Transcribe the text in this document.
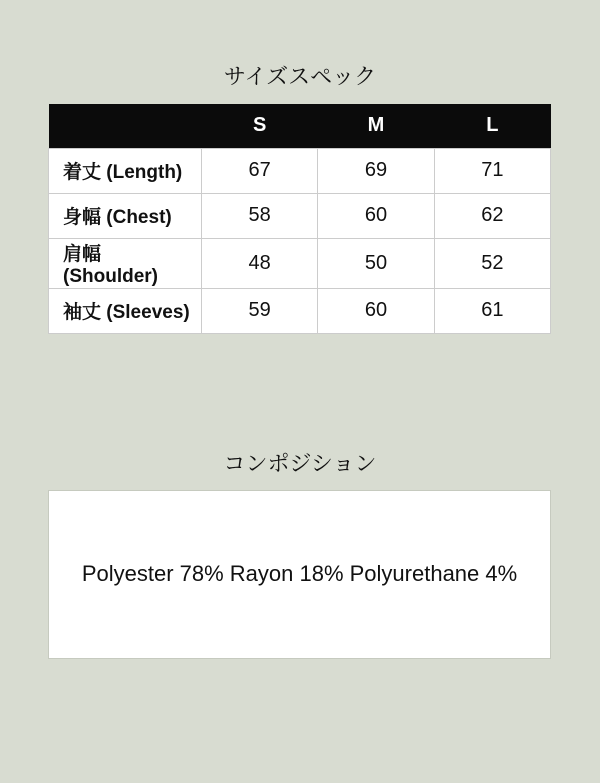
サイズスペック
	S	M	L
着丈 (Length)	67	69	71
身幅 (Chest)	58	60	62
肩幅 (Shoulder)	48	50	52
袖丈 (Sleeves)	59	60	61
コンポジション

Polyester 78% Rayon 18% Polyurethane 4%
